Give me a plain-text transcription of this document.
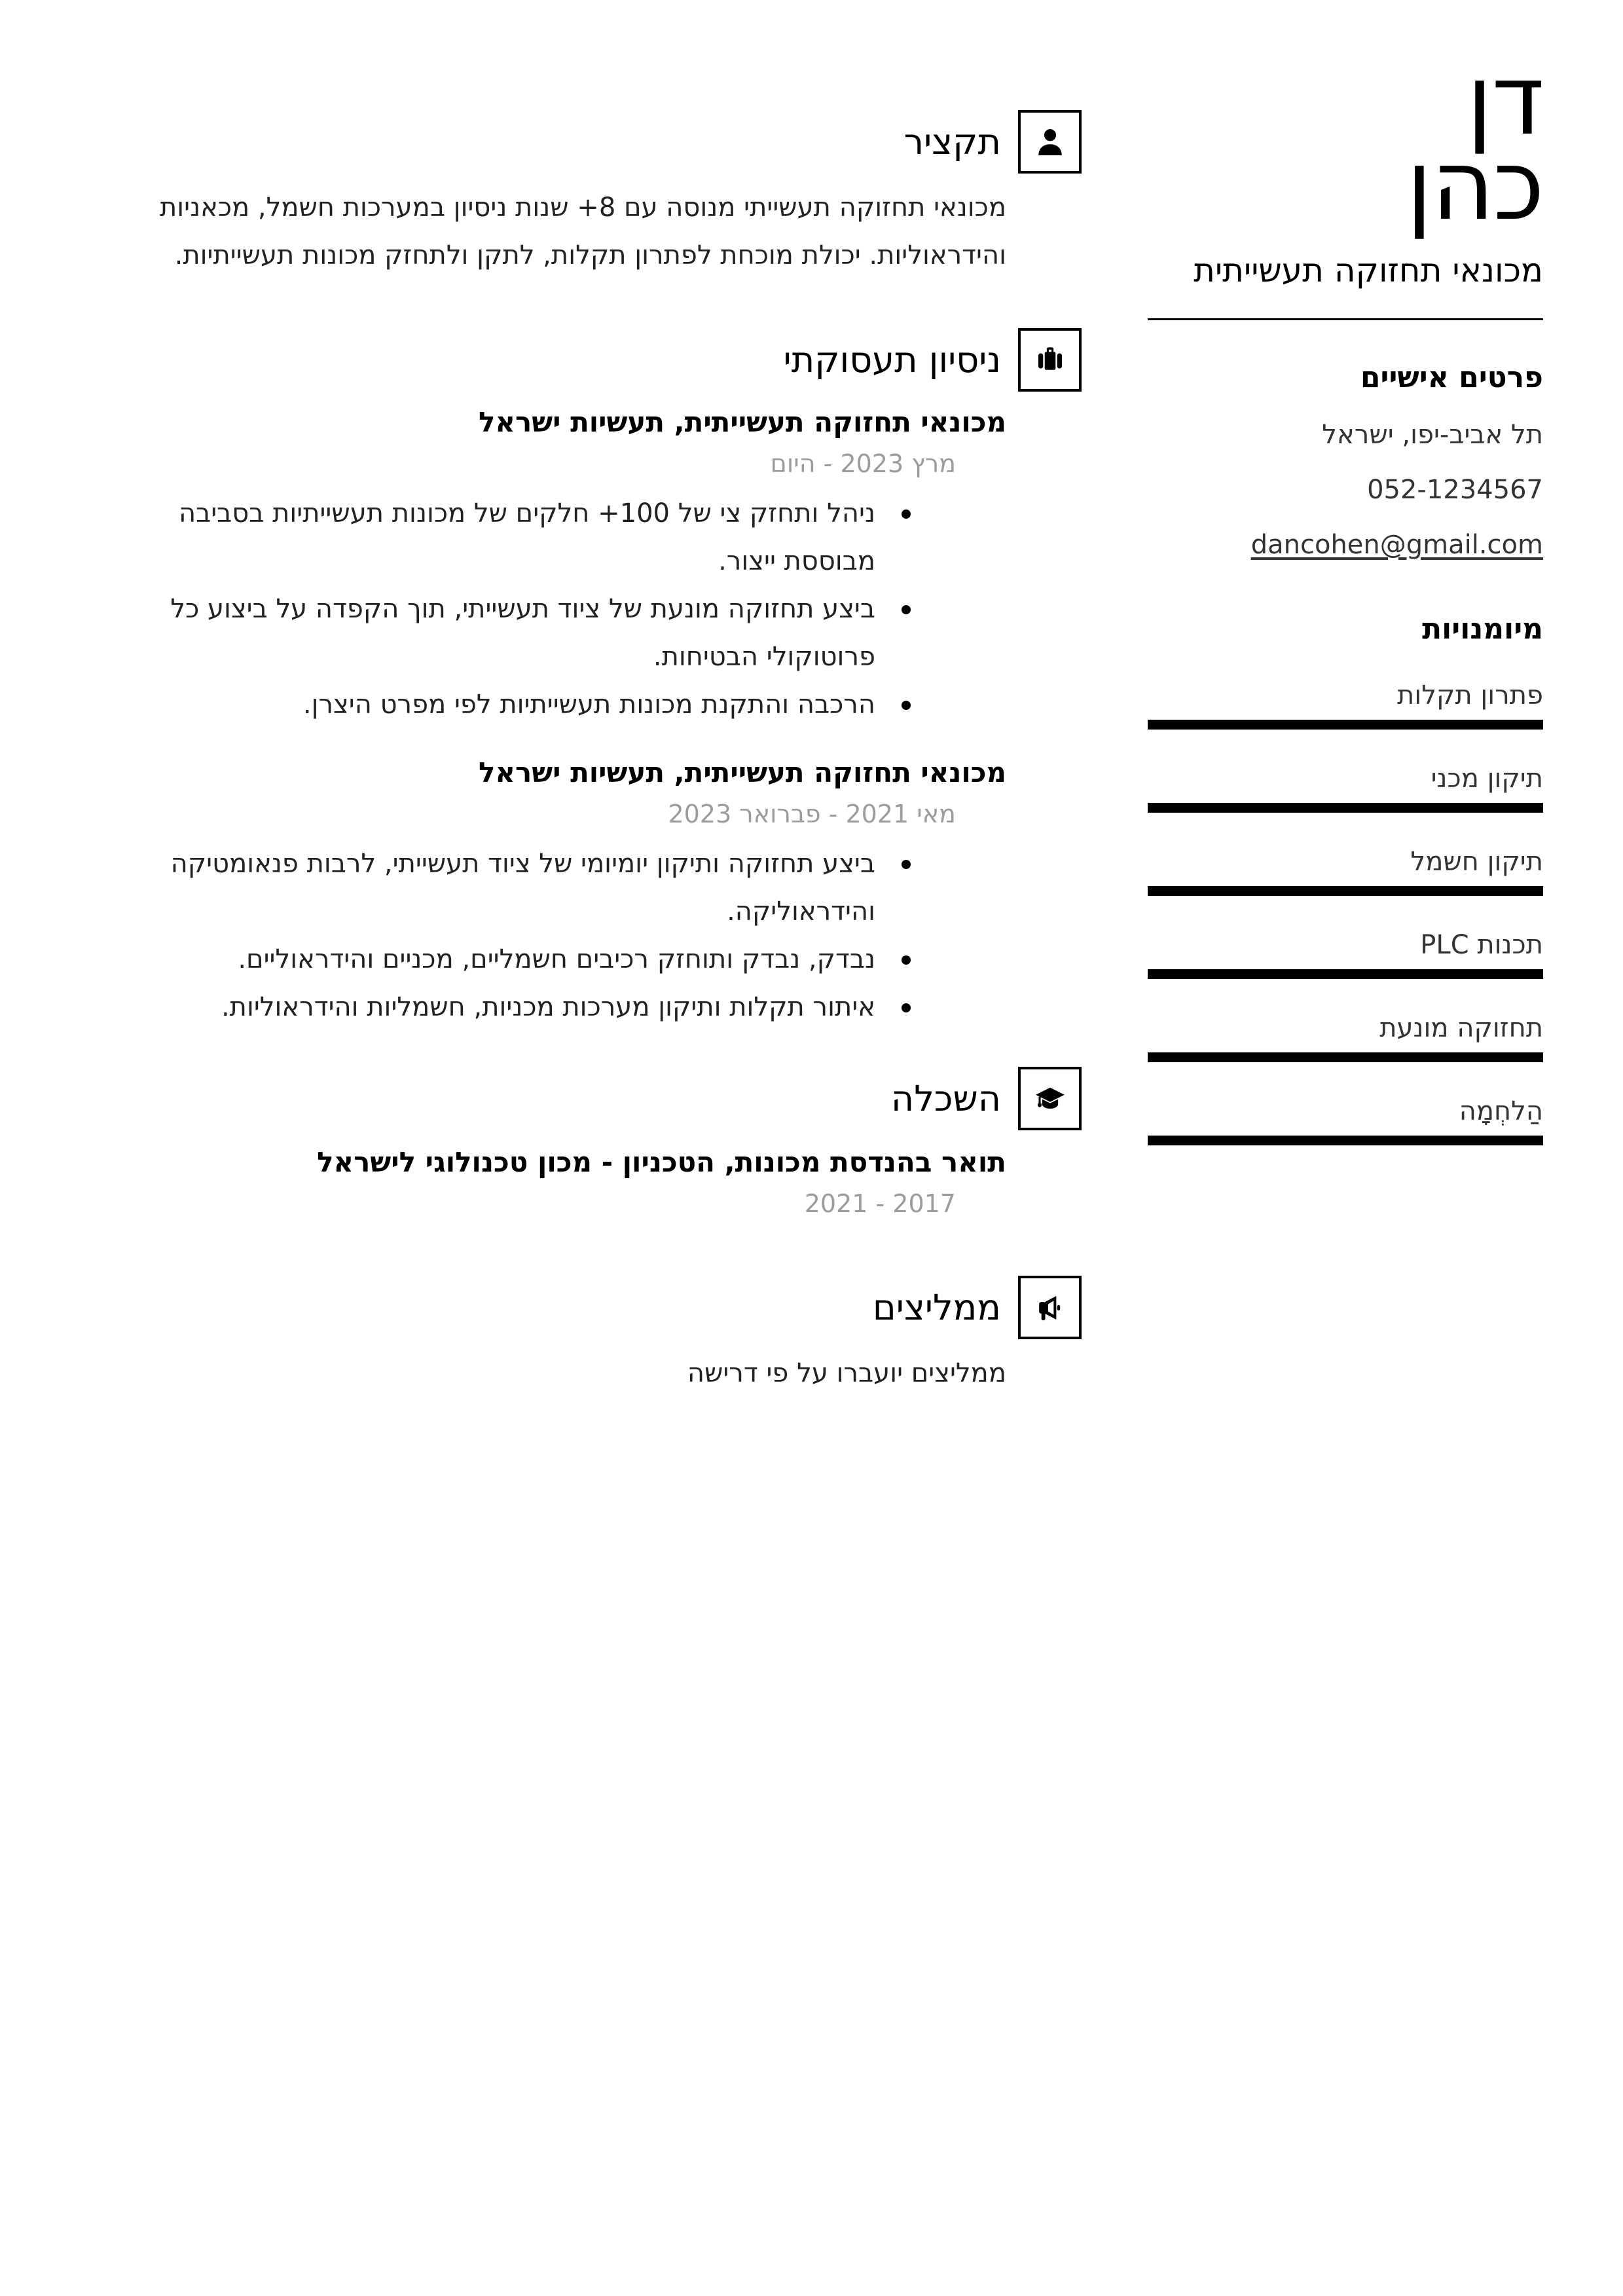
דן
כהן
מכונאי תחזוקה תעשייתית
פרטים אישיים
תל אביב-יפו, ישראל
052-1234567
dancohen@gmail.com
מיומנויות
פתרון תקלות
תיקון מכני
תיקון חשמל
תכנות PLC
תחזוקה מונעת
הַלחְמָה
תקציר

מכונאי תחזוקה תעשייתי מנוסה עם 8+ שנות ניסיון במערכות חשמל, מכאניות והידראוליות. יכולת מוכחת לפתרון תקלות, לתקן ולתחזק מכונות תעשייתיות.

ניסיון תעסוקתי
מכונאי תחזוקה תעשייתית, תעשיות ישראל
מרץ 2023 - היום
ניהל ותחזק צי של 100+ חלקים של מכונות תעשייתיות בסביבה מבוססת ייצור.
ביצע תחזוקה מונעת של ציוד תעשייתי, תוך הקפדה על ביצוע כל פרוטוקולי הבטיחות.
הרכבה והתקנת מכונות תעשייתיות לפי מפרט היצרן.
מכונאי תחזוקה תעשייתית, תעשיות ישראל
מאי 2021 - פברואר 2023
ביצע תחזוקה ותיקון יומיומי של ציוד תעשייתי, לרבות פנאומטיקה והידראוליקה.
נבדק, נבדק ותוחזק רכיבים חשמליים, מכניים והידראוליים.
איתור תקלות ותיקון מערכות מכניות, חשמליות והידראוליות.
השכלה
תואר בהנדסת מכונות, הטכניון - מכון טכנולוגי לישראל
2017 - 2021
ממליצים

ממליצים יועברו על פי דרישה
